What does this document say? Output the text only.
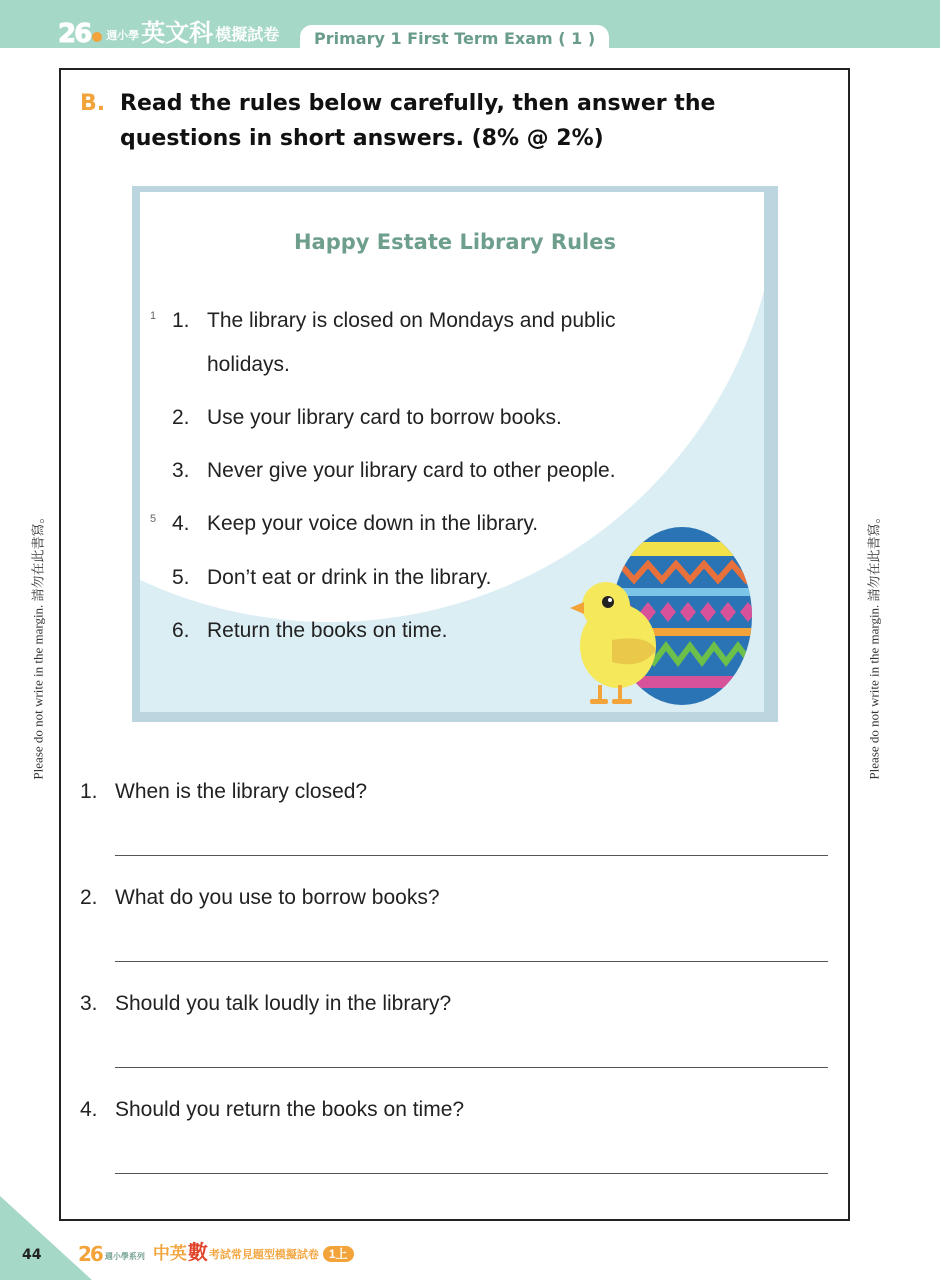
26 週小學 英文科 模擬試卷	Primary 1 First Term Exam ( 1 )
B. Read the rules below carefully, then answer the
questions in short answers. (8% @ 2%)
Happy Estate Library Rules
1
5
1. The library is closed on Mondays and public
holidays.
2. Use your library card to borrow books.
3. Never give your library card to other people.
4. Keep your voice down in the library.
5. Don’t eat or drink in the library.
6. Return the books on time.
Please do not write in the margin. 請勿在此書寫。	Please do not write in the margin. 請勿在此書寫。
1. When is the library closed?
2. What do you use to borrow books?
3. Should you talk loudly in the library?
4. Should you return the books on time?
44 26 週小學系列 中英 數 考試常見題型模擬試卷 1上
